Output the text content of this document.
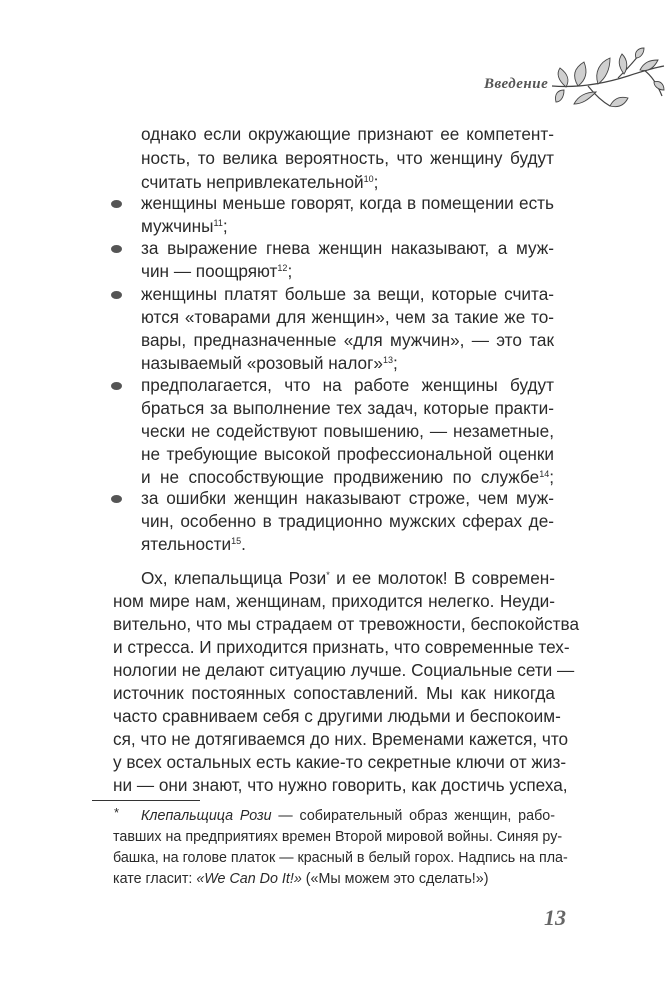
Введение
однако если окружающие признают ее компетент-
ность, то велика вероятность, что женщину будут
считать непривлекательной$^{10}$;
женщины меньше говорят, когда в помещении есть
мужчины$^{11}$;
за выражение гнева женщин наказывают, а муж-
чин — поощряют$^{12}$;
женщины платят больше за вещи, которые счита-
ются «товарами для женщин», чем за такие же то-
вары, предназначенные «для мужчин», — это так
называемый «розовый налог»$^{13}$;
предполагается, что на работе женщины будут
браться за выполнение тех задач, которые практи-
чески не содействуют повышению, — незаметные,
не требующие высокой профессиональной оценки
и не способствующие продвижению по службе$^{14}$;
за ошибки женщин наказывают строже, чем муж-
чин, особенно в традиционно мужских сферах де-
ятельности$^{15}$.
Ох, клепальщица Рози* и ее молоток! В современ-
ном мире нам, женщинам, приходится нелегко. Неуди-
вительно, что мы страдаем от тревожности, беспокойства
и стресса. И приходится признать, что современные тех-
нологии не делают ситуацию лучше. Социальные сети —
источник постоянных сопоставлений. Мы как никогда
часто сравниваем себя с другими людьми и беспокоим-
ся, что не дотягиваемся до них. Временами кажется, что
у всех остальных есть какие-то секретные ключи от жиз-
ни — они знают, что нужно говорить, как достичь успеха,
* Клепальщица Рози — собирательный образ женщин, рабо-
тавших на предприятиях времен Второй мировой войны. Синяя ру-
башка, на голове платок — красный в белый горох. Надпись на пла-
кате гласит: «We Can Do It!» («Мы можем это сделать!»)
13
